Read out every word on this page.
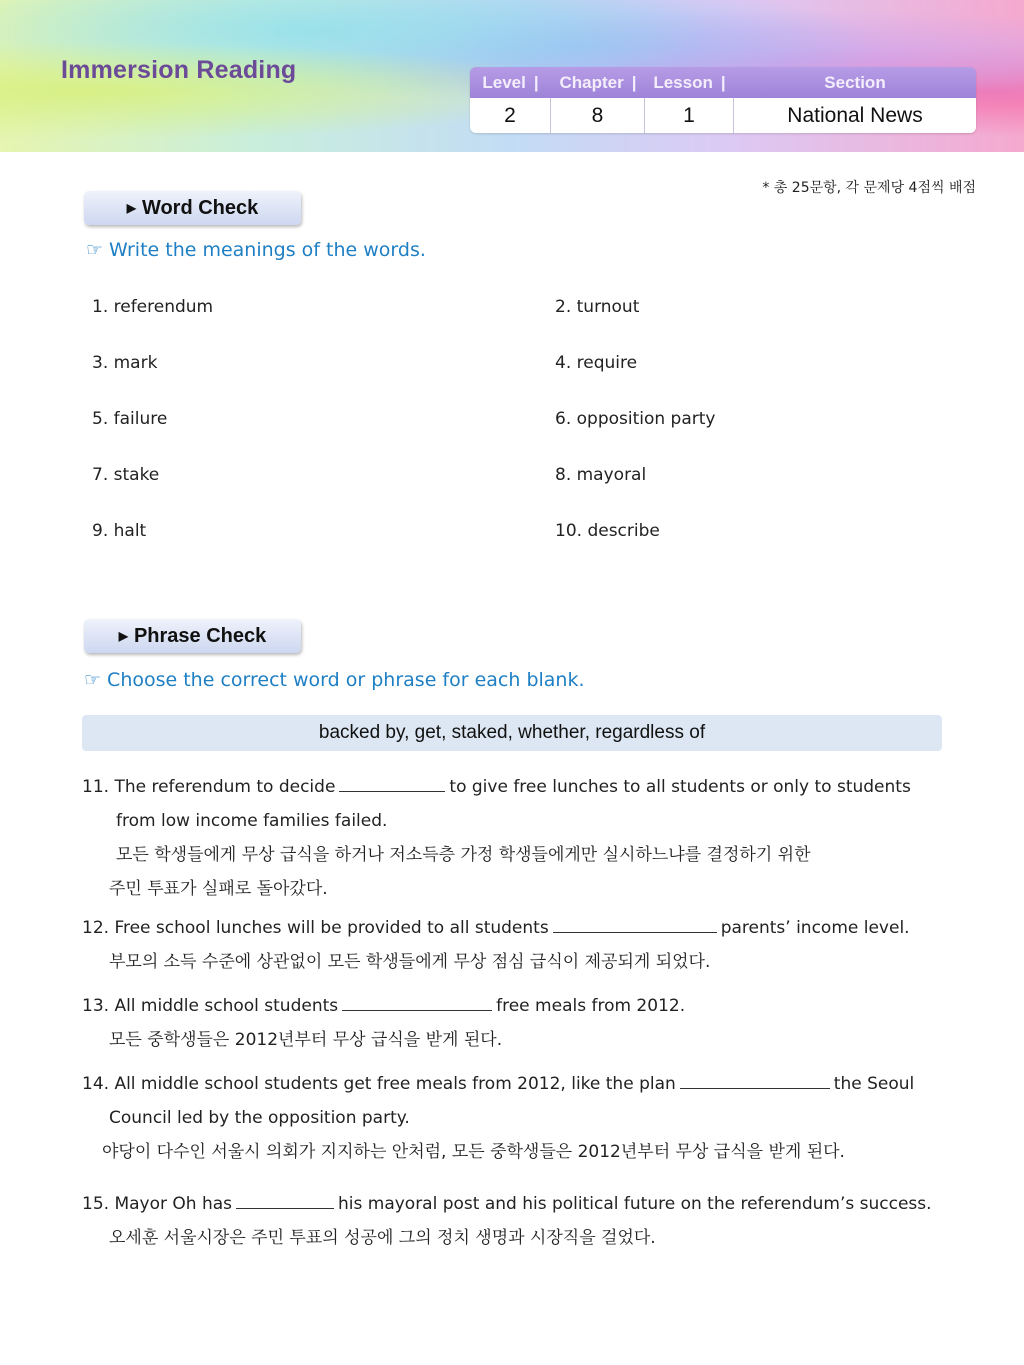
Immersion Reading	Level | Chapter | Lesson |	Section
2	8	1	National News
* 총 25문항, 각 문제당 4점씩 배점
▶ Word Check
☞ Write the meanings of the words.
1. referendum	2. turnout
3. mark	4. require
5. failure	6. opposition party
7. stake	8. mayoral
9. halt	10. describe
▶ Phrase Check
☞ Choose the correct word or phrase for each blank.
backed by, get, staked, whether, regardless of
11. The referendum to decide	to give free lunches to all students or only to students
from low income families failed.
모든 학생들에게 무상 급식을 하거나 저소득층 가정 학생들에게만 실시하느냐를 결정하기 위한
주민 투표가 실패로 돌아갔다.
12. Free school lunches will be provided to all students	parents’ income level.
부모의 소득 수준에 상관없이 모든 학생들에게 무상 점심 급식이 제공되게 되었다.
13. All middle school students	free meals from 2012.
모든 중학생들은 2012년부터 무상 급식을 받게 된다.
14. All middle school students get free meals from 2012, like the plan	the Seoul
Council led by the opposition party.
야당이 다수인 서울시 의회가 지지하는 안처럼, 모든 중학생들은 2012년부터 무상 급식을 받게 된다.
15. Mayor Oh has	his mayoral post and his political future on the referendum’s success.
오세훈 서울시장은 주민 투표의 성공에 그의 정치 생명과 시장직을 걸었다.
